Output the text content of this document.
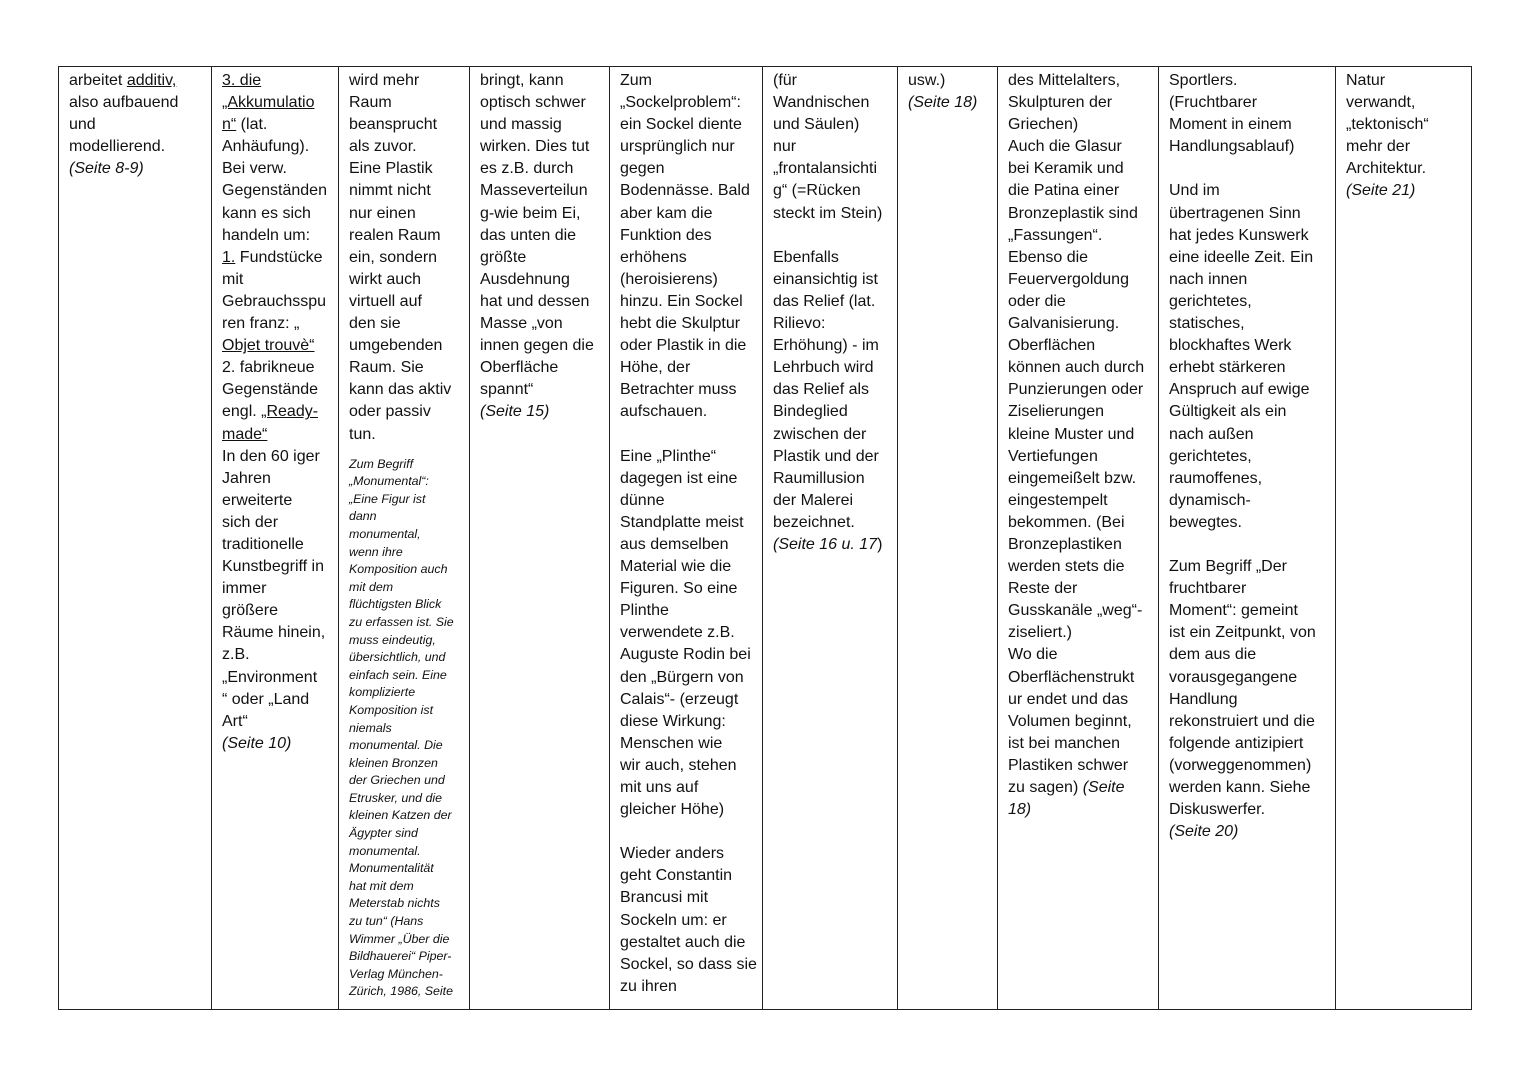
arbeitet additiv,
also aufbauend
und
modellierend.
(Seite 8-9)
3. die
„Akkumulatio
n“ (lat.
Anhäufung).
Bei verw.
Gegenständen
kann es sich
handeln um:
1. Fundstücke
mit
Gebrauchsspu
ren franz: „
Objet trouvè“
2. fabrikneue
Gegenstände
engl. „Ready-
made“
In den 60 iger
Jahren
erweiterte
sich der
traditionelle
Kunstbegriff in
immer
größere
Räume hinein,
z.B.
„Environment
“ oder „Land
Art“
(Seite 10)
wird mehr
Raum
beansprucht
als zuvor.
Eine Plastik
nimmt nicht
nur einen
realen Raum
ein, sondern
wirkt auch
virtuell auf
den sie
umgebenden
Raum. Sie
kann das aktiv
oder passiv
tun.
Zum Begriff
„Monumental“:
„Eine Figur ist
dann
monumental,
wenn ihre
Komposition auch
mit dem
flüchtigsten Blick
zu erfassen ist. Sie
muss eindeutig,
übersichtlich, und
einfach sein. Eine
komplizierte
Komposition ist
niemals
monumental. Die
kleinen Bronzen
der Griechen und
Etrusker, und die
kleinen Katzen der
Ägypter sind
monumental.
Monumentalität
hat mit dem
Meterstab nichts
zu tun“ (Hans
Wimmer „Über die
Bildhauerei“ Piper-
Verlag München-
Zürich, 1986, Seite
bringt, kann
optisch schwer
und massig
wirken. Dies tut
es z.B. durch
Masseverteilun
g-wie beim Ei,
das unten die
größte
Ausdehnung
hat und dessen
Masse „von
innen gegen die
Oberfläche
spannt“
(Seite 15)
Zum
„Sockelproblem“:
ein Sockel diente
ursprünglich nur
gegen
Bodennässe. Bald
aber kam die
Funktion des
erhöhens
(heroisierens)
hinzu. Ein Sockel
hebt die Skulptur
oder Plastik in die
Höhe, der
Betrachter muss
aufschauen.
Eine „Plinthe“
dagegen ist eine
dünne
Standplatte meist
aus demselben
Material wie die
Figuren. So eine
Plinthe
verwendete z.B.
Auguste Rodin bei
den „Bürgern von
Calais“- (erzeugt
diese Wirkung:
Menschen wie
wir auch, stehen
mit uns auf
gleicher Höhe)
Wieder anders
geht Constantin
Brancusi mit
Sockeln um: er
gestaltet auch die
Sockel, so dass sie
zu ihren
(für
Wandnischen
und Säulen)
nur
„frontalansichti
g“ (=Rücken
steckt im Stein)
Ebenfalls
einansichtig ist
das Relief (lat.
Rilievo:
Erhöhung) - im
Lehrbuch wird
das Relief als
Bindeglied
zwischen der
Plastik und der
Raumillusion
der Malerei
bezeichnet.
(Seite 16 u. 17)
usw.)
(Seite 18)
des Mittelalters,
Skulpturen der
Griechen)
Auch die Glasur
bei Keramik und
die Patina einer
Bronzeplastik sind
„Fassungen“.
Ebenso die
Feuervergoldung
oder die
Galvanisierung.
Oberflächen
können auch durch
Punzierungen oder
Ziselierungen
kleine Muster und
Vertiefungen
eingemeißelt bzw.
eingestempelt
bekommen. (Bei
Bronzeplastiken
werden stets die
Reste der
Gusskanäle „weg“-
ziseliert.)
Wo die
Oberflächenstrukt
ur endet und das
Volumen beginnt,
ist bei manchen
Plastiken schwer
zu sagen) (Seite
18)
Sportlers.
(Fruchtbarer
Moment in einem
Handlungsablauf)
Und im
übertragenen Sinn
hat jedes Kunswerk
eine ideelle Zeit. Ein
nach innen
gerichtetes,
statisches,
blockhaftes Werk
erhebt stärkeren
Anspruch auf ewige
Gültigkeit als ein
nach außen
gerichtetes,
raumoffenes,
dynamisch-
bewegtes.
Zum Begriff „Der
fruchtbarer
Moment“: gemeint
ist ein Zeitpunkt, von
dem aus die
vorausgegangene
Handlung
rekonstruiert und die
folgende antizipiert
(vorweggenommen)
werden kann. Siehe
Diskuswerfer.
(Seite 20)
Natur
verwandt,
„tektonisch“
mehr der
Architektur.
(Seite 21)
